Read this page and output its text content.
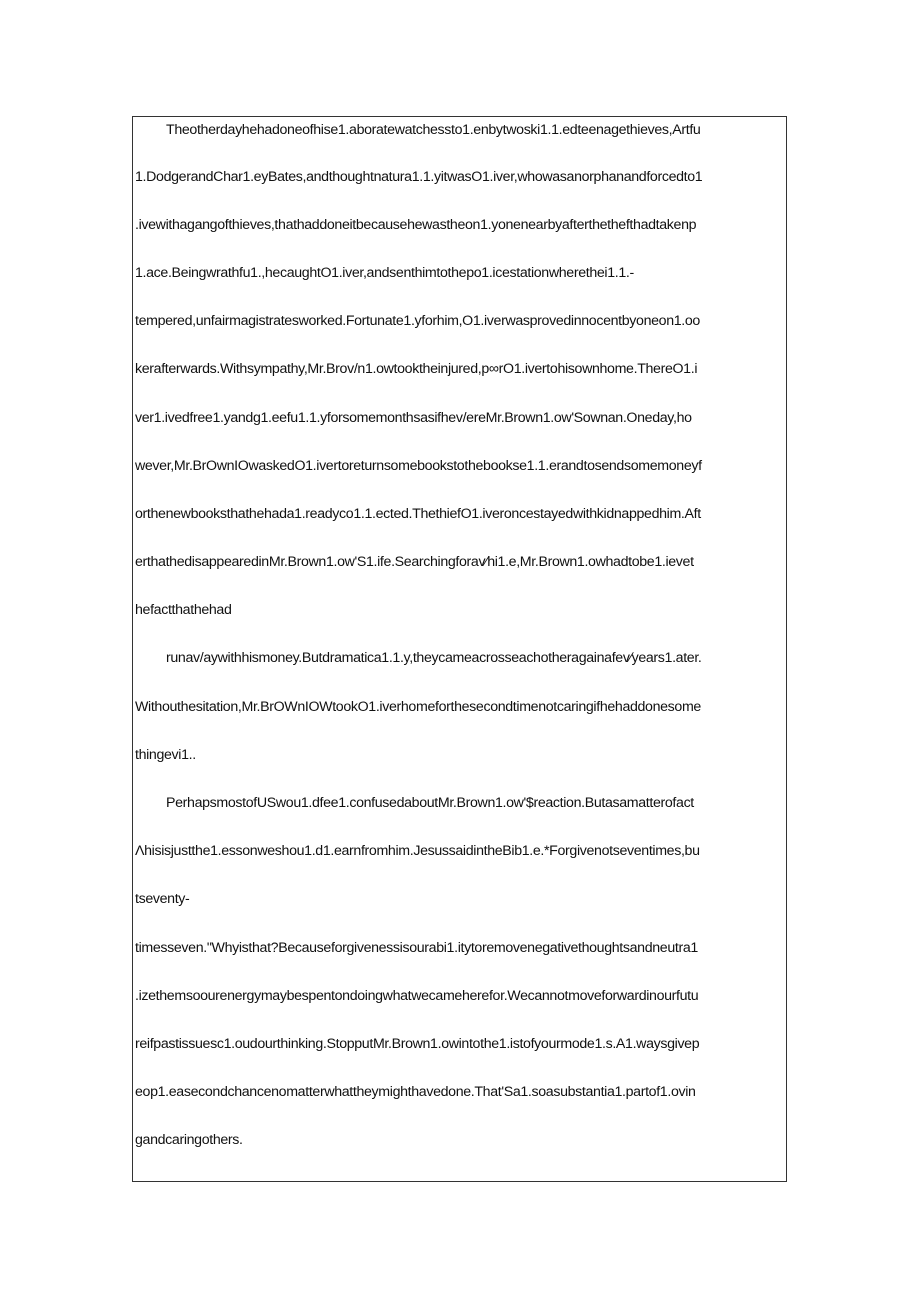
Theotherdayhehadoneofhise1.aboratewatchessto1.enbytwoski1.1.edteenagethieves,Artfu
1.DodgerandChar1.eyBates,andthoughtnatura1.1.yitwasO1.iver,whowasanorphanandforcedto1
.ivewithagangofthieves,thathaddoneitbecausehewastheon1.yonenearbyafterthethefthadtakenp
1.ace.Beingwrathfu1.,hecaughtO1.iver,andsenthimtothepo1.icestationwherethei1.1.-
tempered,unfairmagistratesworked.Fortunate1.yforhim,O1.iverwasprovedinnocentbyoneon1.oo
kerafterwards.Withsympathy,Mr.Brov/n1.owtooktheinjured,p∞rO1.ivertohisownhome.ThereO1.i
ver1.ivedfree1.yandg1.eefu1.1.yforsomemonthsasifhev/ereMr.Brown1.ow'Sownan.Oneday,ho
wever,Mr.BrOwnIOwaskedO1.ivertoreturnsomebookstothebookse1.1.erandtosendsomemoneyf
orthenewbooksthathehada1.readyco1.1.ected.ThethiefO1.iveroncestayedwithkidnappedhim.Aft
erthathedisappearedinMr.Brown1.ow'S1.ife.Searchingforav∕hi1.e,Mr.Brown1.owhadtobe1.ievet
hefactthathehad
runav/aywithhismoney.Butdramatica1.1.y,theycameacrosseachotheragainafev∕years1.ater.
Withouthesitation,Mr.BrOWnIOWtookO1.iverhomeforthesecondtimenotcaringifhehaddonesome
thingevi1..
PerhapsmostofUSwou1.dfee1.confusedaboutMr.Brown1.ow'$reaction.Butasamatterofact
Λhisisjustthe1.essonweshou1.d1.earnfromhim.JesussaidintheBib1.e.*Forgivenotseventimes,bu
tseventy-
timesseven."Whyisthat?Becauseforgivenessisourabi1.itytoremovenegativethoughtsandneutra1
.izethemsoourenergymaybespentondoingwhatwecameherefor.Wecannotmoveforwardinourfutu
reifpastissuesc1.oudourthinking.StopputMr.Brown1.owintothe1.istofyourmode1.s.A1.waysgivep
eop1.easecondchancenomatterwhattheymighthavedone.That'Sa1.soasubstantia1.partof1.ovin
gandcaringothers.
